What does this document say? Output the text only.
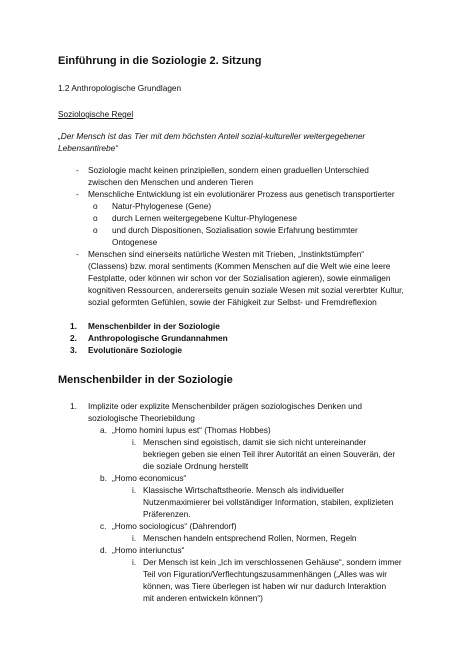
Einführung in die Soziologie 2. Sitzung
1.2 Anthropologische Grundlagen
Soziologische Regel
„Der Mensch ist das Tier mit dem höchsten Anteil sozial-kultureller weitergegebener
Lebensantirebe“
- Soziologie macht keinen prinzipiellen, sondern einen graduellen Unterschied
zwischen den Menschen und anderen Tieren
- Menschliche Entwicklung ist ein evolutionärer Prozess aus genetisch transportierter
o Natur-Phylogenese (Gene)
o durch Lernen weitergegebene Kultur-Phylogenese
o und durch Dispositionen, Sozialisation sowie Erfahrung bestimmter
Ontogenese
- Menschen sind einerseits natürliche Westen mit Trieben, „Instinktstümpfen“
(Classens) bzw. moral sentiments (Kommen Menschen auf die Welt wie eine leere
Festplatte, oder können wir schon vor der Sozialisation agieren), sowie einmaligen
kognitiven Ressourcen, andererseits genuin soziale Wesen mit sozial vererbter Kultur,
sozial geformten Gefühlen, sowie der Fähigkeit zur Selbst- und Fremdreflexion
1. Menschenbilder in der Soziologie
2. Anthropologische Grundannahmen
3. Evolutionäre Soziologie
Menschenbilder in der Soziologie
1. Implizite oder explizite Menschenbilder prägen soziologisches Denken und
soziologische Theoriebildung
a. „Homo homini lupus est“ (Thomas Hobbes)
i. Menschen sind egoistisch, damit sie sich nicht untereinander
bekriegen geben sie einen Teil ihrer Autorität an einen Souverän, der
die soziale Ordnung herstellt
b. „Homo economicus“
i. Klassische Wirtschaftstheorie. Mensch als individueller
Nutzenmaximierer bei vollständiger Information, stabilen, explizieten
Präferenzen.
c. „Homo sociologicus“ (Dahrendorf)
i. Menschen handeln entsprechend Rollen, Normen, Regeln
d. „Homo interiunctus“
i. Der Mensch ist kein „Ich im verschlossenen Gehäuse“, sondern immer
Teil von Figuration/Verflechtungszusammenhängen („Alles was wir
können, was Tiere überlegen ist haben wir nur dadurch Interaktion
mit anderen entwickeln können“)
